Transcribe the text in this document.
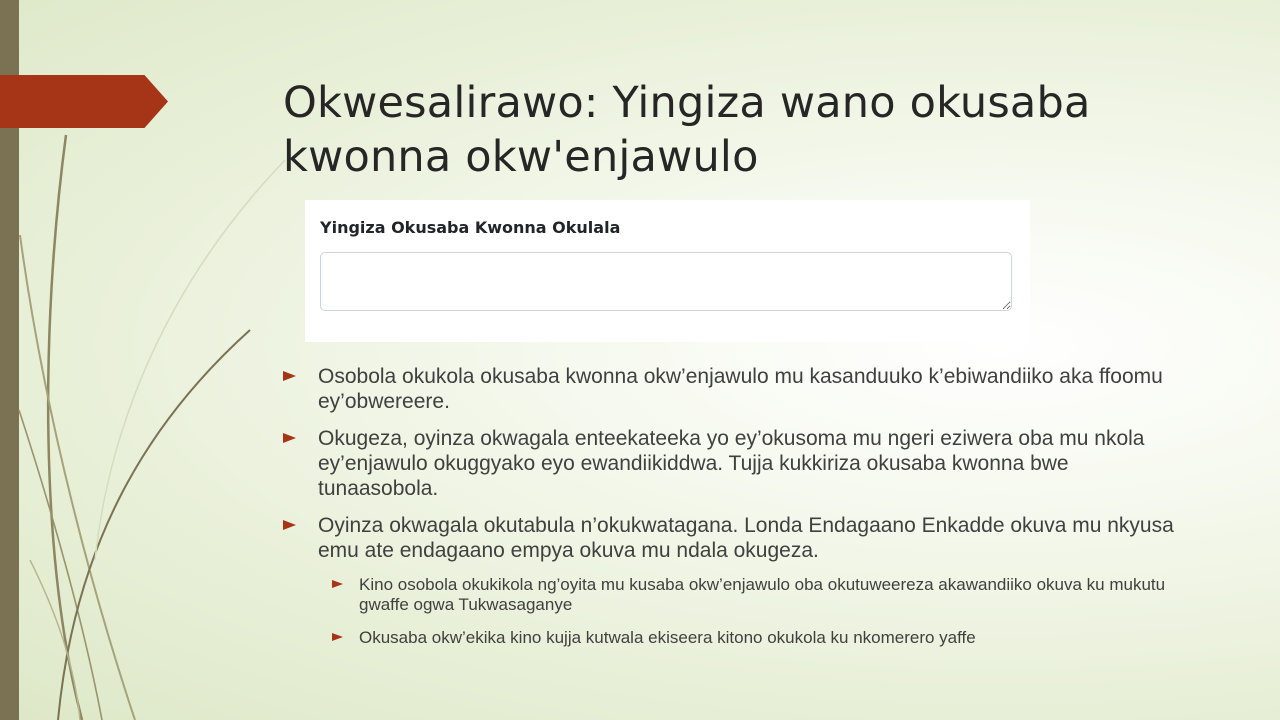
Okwesalirawo: Yingiza wano okusaba kwonna okw'enjawulo
Yingiza Okusaba Kwonna Okulala
Osobola okukola okusaba kwonna okw’enjawulo mu kasanduuko k’ebiwandiiko aka ffoomu ey’obwereere.
Okugeza, oyinza okwagala enteekateeka yo ey’okusoma mu ngeri eziwera oba mu nkola ey’enjawulo okuggyako eyo ewandiikiddwa. Tujja kukkiriza okusaba kwonna bwe tunaasobola.
Oyinza okwagala okutabula n’okukwatagana. Londa Endagaano Enkadde okuva mu nkyusa emu ate endagaano empya okuva mu ndala okugeza.
Kino osobola okukikola ng’oyita mu kusaba okw’enjawulo oba okutuweereza akawandiiko okuva ku mukutu gwaffe ogwa Tukwasaganye
Okusaba okw’ekika kino kujja kutwala ekiseera kitono okukola ku nkomerero yaffe
